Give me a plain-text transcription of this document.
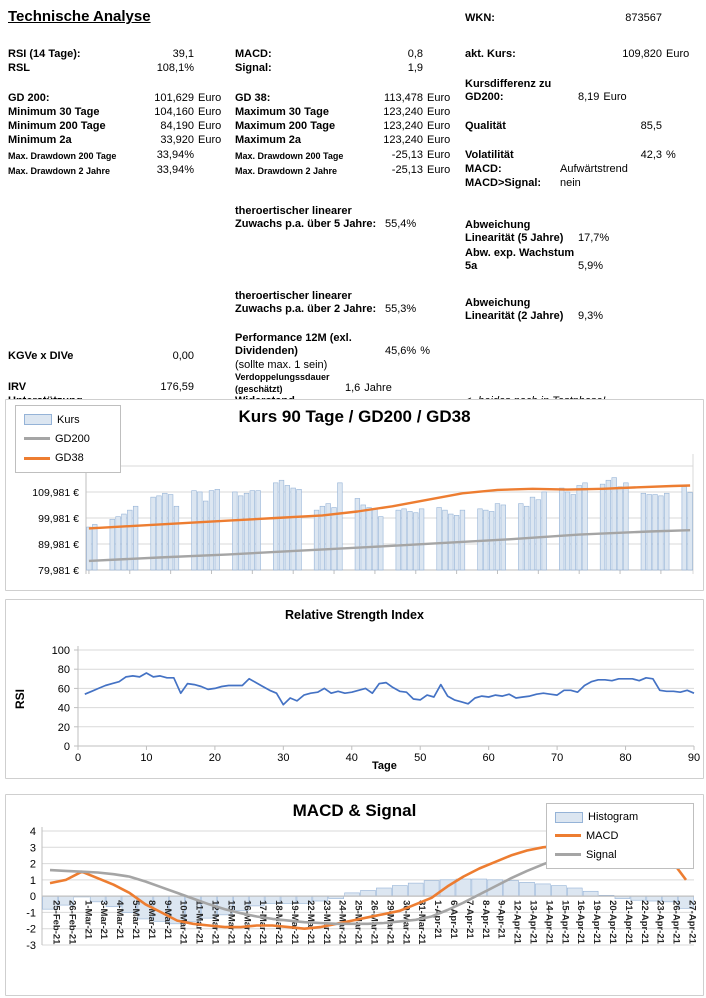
Technische Analyse
RSI (14 Tage):	39,1
RSL	108,1%
GD 200:	101,629 Euro
Minimum 30 Tage	104,160 Euro
Minimum 200 Tage	84,190 Euro
Minimum 2a	33,920 Euro
Max. Drawdown 200 Tage	33,94%
Max. Drawdown 2 Jahre	33,94%
KGVe x DIVe	0,00
IRV	176,59
MACD:	0,8
Signal:	1,9
GD 38:	113,478 Euro
Maximum 30 Tage	123,240 Euro
Maximum 200 Tage	123,240 Euro
Maximum 2a	123,240 Euro
Max. Drawdown 200 Tage	-25,13 Euro
Max. Drawdown 2 Jahre	-25,13 Euro
theroertischer linearer Zuwachs p.a. über 5 Jahre: 55,4%
theroertischer linearer Zuwachs p.a. über 2 Jahre: 55,3%
Performance 12M (exl. Dividenden)	45,6% %
(sollte max. 1 sein)
Verdoppelungssdauer (geschätzt)	1,6 Jahre
WKN:	873567
akt. Kurs:	109,820 Euro
Kursdifferenz zu GD200:	8,19 Euro
Qualität	85,5
Volatilität	42,3 %
MACD:	Aufwärtstrend
MACD>Signal:	nein
Abweichung Linearität (5 Jahre)	17,7%
Abw. exp. Wachstum 5a	5,9%
Abweichung Linearität (2 Jahre)	9,3%
Kurs 90 Tage / GD200 / GD38
Kurs
GD200
GD38
109,981 €
99,981 €
89,981 €
79,981 €
Relative Strength Index
RSI
Tage
0
20
40
60
80
100
0	10	20	30	40	50	60	70	80	90
MACD & Signal	Histogram
MACD
Signal
4
3
2
1
0
-1
-2
-3
25-Feb-21 26-Feb-21 1-Mar-21 3-Mar-21 4-Mar-21 5-Mar-21 8-Mar-21 9-Mar-21 10-Mar-21 11-Mar-21 12-Mar-21 15-Mar-21 16-Mar-21 17-Mar-21 18-Mar-21 19-Mar-21 22-Mar-21 23-Mar-21 24-Mar-21 25-Mar-21 26-Mar-21 29-Mar-21 30-Mar-21 31-Mar-21 1-Apr-21 6-Apr-21 7-Apr-21 8-Apr-21 9-Apr-21 12-Apr-21 13-Apr-21 14-Apr-21 15-Apr-21 16-Apr-21 19-Apr-21 20-Apr-21 21-Apr-21 22-Apr-21 23-Apr-21 26-Apr-21 27-Apr-21
